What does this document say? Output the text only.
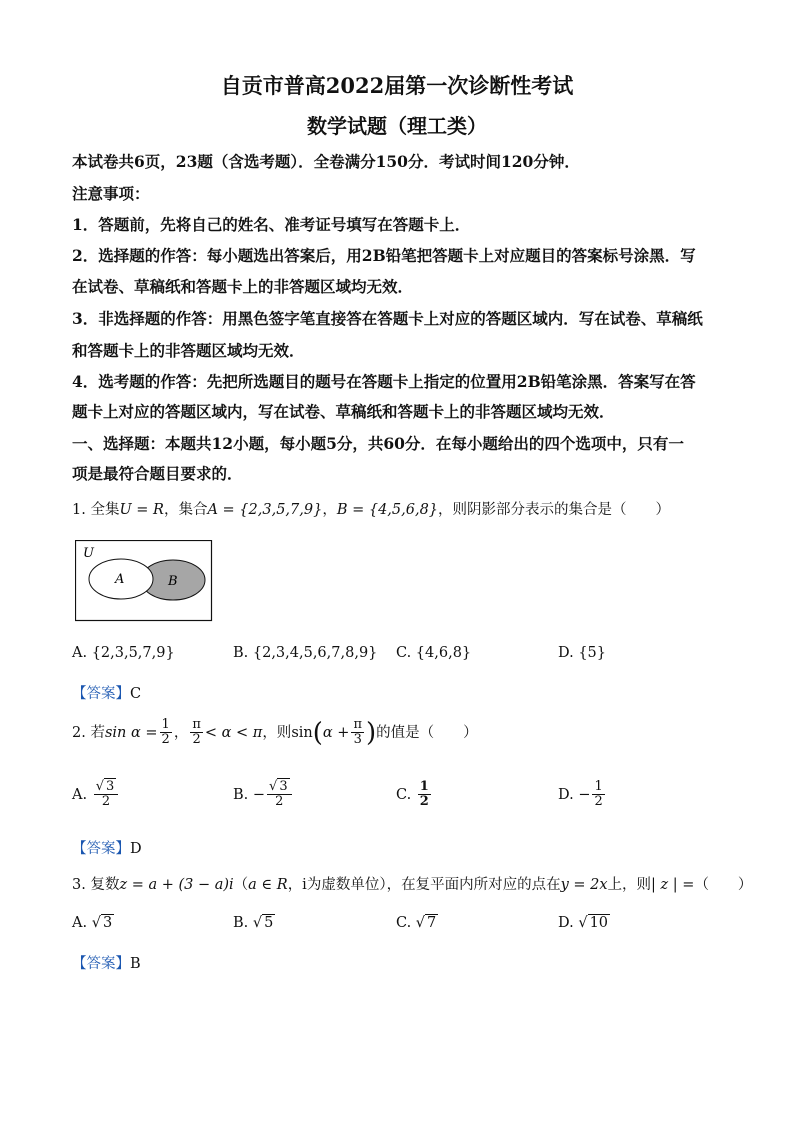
自贡市普高2022届第一次诊断性考试
数学试题（理工类）
本试卷共6页，23题（含选考题）．全卷满分150分．考试时间120分钟．
注意事项：
1．答题前，先将自己的姓名、准考证号填写在答题卡上．
2．选择题的作答：每小题选出答案后，用2B铅笔把答题卡上对应题目的答案标号涂黑．写
在试卷、草稿纸和答题卡上的非答题区域均无效．
3．非选择题的作答：用黑色签字笔直接答在答题卡上对应的答题区域内．写在试卷、草稿纸
和答题卡上的非答题区域均无效．
4．选考题的作答：先把所选题目的题号在答题卡上指定的位置用2B铅笔涂黑．答案写在答
题卡上对应的答题区域内，写在试卷、草稿纸和答题卡上的非答题区域均无效．
一、选择题：本题共12小题，每小题5分，共60分．在每小题给出的四个选项中，只有一
项是最符合题目要求的．
1. 全集U = R，集合A = {2,3,5,7,9}，B = {4,5,6,8}，则阴影部分表示的集合是（　　）
U
A	B
A. {2,3,5,7,9}	B. {2,3,4,5,6,7,8,9} C. {4,6,8}	D. {5}
【答案】C
2. 若$\sin \alpha = \frac{1}{2}$ ， $\frac{\pi}{2} < \alpha < \pi$，则$\sin(\alpha + \frac{\pi}{3}$ )的值是（　　）
A. $\frac{√ 3}{2}$	B. − $\frac{√ 3}{2}$	C. $\frac{1}{2}$	D. − $\frac{1}{2}$
【答案】D
3. 复数z = a + (3 − a)i（a ∈ R，i为虚数单位），在复平面内所对应的点在y = 2x上，则| z | =（　　）
A. √ 3	B. √ 5	C. √ 7	D. √ 10
【答案】B
